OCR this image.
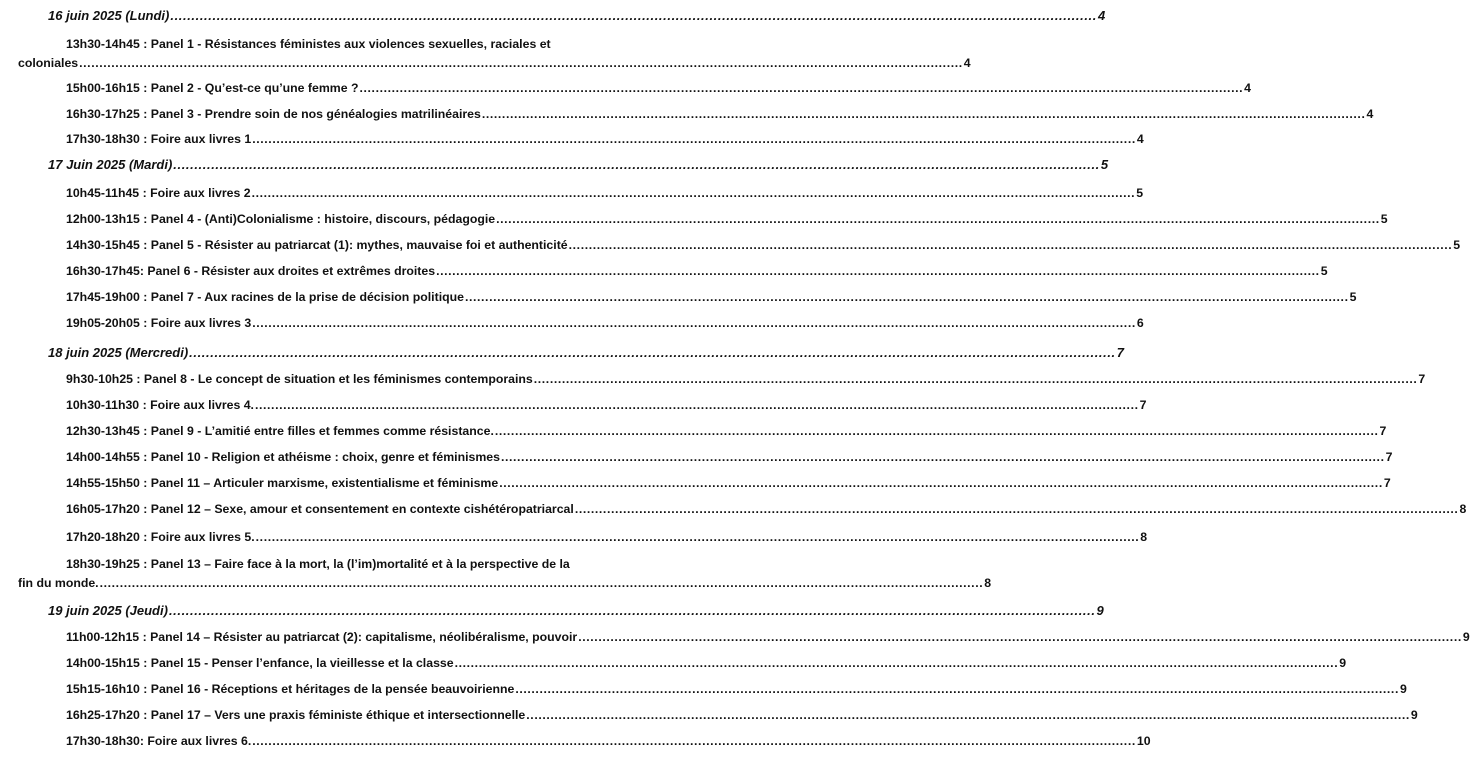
16 juin 2025 (Lundi) .....	4
13h30-14h45 : Panel 1 - Résistances féministes aux violences sexuelles, raciales et
coloniales .....	4
15h00-16h15 : Panel 2 - Qu’est-ce qu’une femme ? .....	4
16h30-17h25 : Panel 3 - Prendre soin de nos généalogies matrilinéaires .....	4
17h30-18h30 : Foire aux livres 1 .....	4
17 Juin 2025 (Mardi) .....	5
10h45-11h45 : Foire aux livres 2 .....	5
12h00-13h15 : Panel 4 - (Anti)Colonialisme : histoire, discours, pédagogie .....	5
14h30-15h45 : Panel 5 - Résister au patriarcat (1): mythes, mauvaise foi et authenticité .....	5
16h30-17h45: Panel 6 - Résister aux droites et extrêmes droites .....	5
17h45-19h00 : Panel 7 - Aux racines de la prise de décision politique .....	5
19h05-20h05 : Foire aux livres 3 .....	6
18 juin 2025 (Mercredi) .....	7
9h30-10h25 : Panel 8 - Le concept de situation et les féminismes contemporains .....	7
10h30-11h30 : Foire aux livres 4. .....	7
12h30-13h45 : Panel 9 - L’amitié entre filles et femmes comme résistance. .....	7
14h00-14h55 : Panel 10 - Religion et athéisme : choix, genre et féminismes .....	7
14h55-15h50 : Panel 11 – Articuler marxisme, existentialisme et féminisme .....	7
16h05-17h20 : Panel 12 – Sexe, amour et consentement en contexte cishétéropatriarcal .....	8
17h20-18h20 : Foire aux livres 5. .....	8
18h30-19h25 : Panel 13 – Faire face à la mort, la (l’im)mortalité et à la perspective de la
fin du monde. .....	8
19 juin 2025 (Jeudi) .....	9
11h00-12h15 : Panel 14 – Résister au patriarcat (2): capitalisme, néolibéralisme, pouvoir .....	9
14h00-15h15 : Panel 15 - Penser l’enfance, la vieillesse et la classe .....	9
15h15-16h10 : Panel 16 - Réceptions et héritages de la pensée beauvoirienne .....	9
16h25-17h20 : Panel 17 – Vers une praxis féministe éthique et intersectionnelle .....	9
17h30-18h30: Foire aux livres 6. .....	10
